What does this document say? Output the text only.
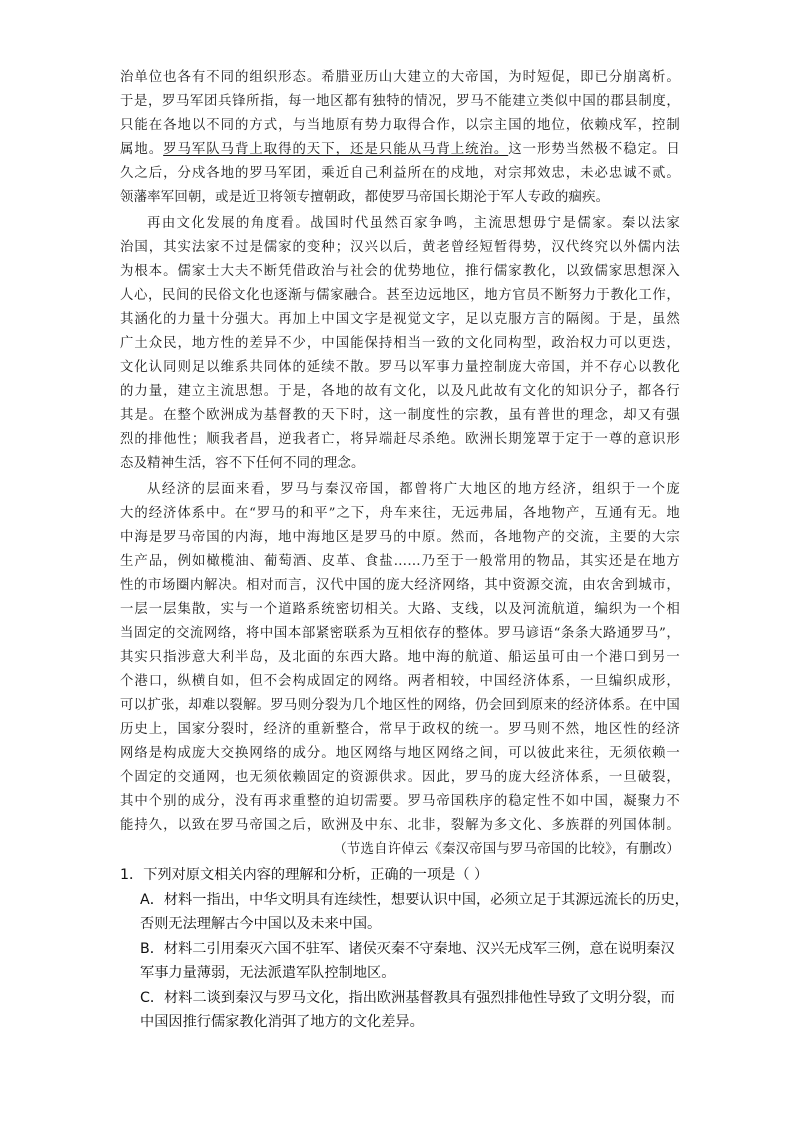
治单位也各有不同的组织形态。希腊亚历山大建立的大帝国，为时短促，即已分崩离析。
于是，罗马军团兵锋所指，每一地区都有独特的情况，罗马不能建立类似中国的郡县制度，
只能在各地以不同的方式，与当地原有势力取得合作，以宗主国的地位，依赖戍军，控制
属地。罗马军队马背上取得的天下，还是只能从马背上统治。这一形势当然极不稳定。日
久之后，分戍各地的罗马军团，乘近自己利益所在的戍地，对宗邦效忠，未必忠诚不贰。
领藩率军回朝，或是近卫将领专擅朝政，都使罗马帝国长期沦于军人专政的痼疾。
再由文化发展的角度看。战国时代虽然百家争鸣，主流思想毋宁是儒家。秦以法家
治国，其实法家不过是儒家的变种；汉兴以后，黄老曾经短暂得势，汉代终究以外儒内法
为根本。儒家士大夫不断凭借政治与社会的优势地位，推行儒家教化，以致儒家思想深入
人心，民间的民俗文化也逐渐与儒家融合。甚至边远地区，地方官员不断努力于教化工作，
其涵化的力量十分强大。再加上中国文字是视觉文字，足以克服方言的隔阂。于是，虽然
广土众民，地方性的差异不少，中国能保持相当一致的文化同构型，政治权力可以更迭，
文化认同则足以维系共同体的延续不散。罗马以军事力量控制庞大帝国，并不存心以教化
的力量，建立主流思想。于是，各地的故有文化，以及凡此故有文化的知识分子，都各行
其是。在整个欧洲成为基督教的天下时，这一制度性的宗教，虽有普世的理念，却又有强
烈的排他性；顺我者昌，逆我者亡，将异端赶尽杀绝。欧洲长期笼罩于定于一尊的意识形
态及精神生活，容不下任何不同的理念。
从经济的层面来看，罗马与秦汉帝国，都曾将广大地区的地方经济，组织于一个庞
大的经济体系中。在“罗马的和平”之下，舟车来往，无远弗届，各地物产，互通有无。地
中海是罗马帝国的内海，地中海地区是罗马的中原。然而，各地物产的交流，主要的大宗
生产品，例如橄榄油、葡萄酒、皮革、食盐……乃至于一般常用的物品，其实还是在地方
性的市场圈内解决。相对而言，汉代中国的庞大经济网络，其中资源交流，由农舍到城市，
一层一层集散，实与一个道路系统密切相关。大路、支线，以及河流航道，编织为一个相
当固定的交流网络，将中国本部紧密联系为互相依存的整体。罗马谚语“条条大路通罗马”，
其实只指涉意大利半岛，及北面的东西大路。地中海的航道、船运虽可由一个港口到另一
个港口，纵横自如，但不会构成固定的网络。两者相较，中国经济体系，一旦编织成形，
可以扩张，却难以裂解。罗马则分裂为几个地区性的网络，仍会回到原来的经济体系。在中国
历史上，国家分裂时，经济的重新整合，常早于政权的统一。罗马则不然，地区性的经济
网络是构成庞大交换网络的成分。地区网络与地区网络之间，可以彼此来往，无须依赖一
个固定的交通网，也无须依赖固定的资源供求。因此，罗马的庞大经济体系，一旦破裂，
其中个别的成分，没有再求重整的迫切需要。罗马帝国秩序的稳定性不如中国，凝聚力不
能持久，以致在罗马帝国之后，欧洲及中东、北非，裂解为多文化、多族群的列国体制。
（节选自许倬云《秦汉帝国与罗马帝国的比较》，有删改）
1．下列对原文相关内容的理解和分析，正确的一项是（ ）
A．材料一指出，中华文明具有连续性，想要认识中国，必须立足于其源远流长的历史，
否则无法理解古今中国以及未来中国。
B．材料二引用秦灭六国不驻军、诸侯灭秦不守秦地、汉兴无戍军三例，意在说明秦汉
军事力量薄弱，无法派遣军队控制地区。
C．材料二谈到秦汉与罗马文化，指出欧洲基督教具有强烈排他性导致了文明分裂，而
中国因推行儒家教化消弭了地方的文化差异。
